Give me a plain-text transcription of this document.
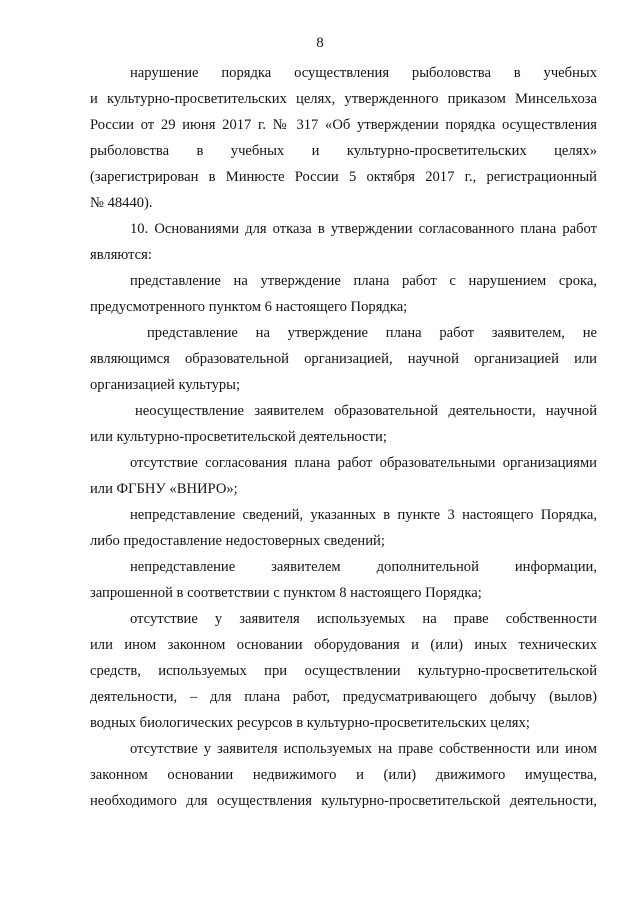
8
нарушение порядка осуществления рыболовства в учебных
и культурно-просветительских целях, утвержденного приказом Минсельхоза
России от 29 июня 2017 г. № 317 «Об утверждении порядка осуществления
рыболовства в учебных и культурно-просветительских целях»
(зарегистрирован в Минюсте России 5 октября 2017 г., регистрационный
№ 48440).
10. Основаниями для отказа в утверждении согласованного плана работ
являются:
представление на утверждение плана работ с нарушением срока,
предусмотренного пунктом 6 настоящего Порядка;
представление на утверждение плана работ заявителем, не
являющимся образовательной организацией, научной организацией или
организацией культуры;
неосуществление заявителем образовательной деятельности, научной
или культурно-просветительской деятельности;
отсутствие согласования плана работ образовательными организациями
или ФГБНУ «ВНИРО»;
непредставление сведений, указанных в пункте 3 настоящего Порядка,
либо предоставление недостоверных сведений;
непредставление заявителем дополнительной информации,
запрошенной в соответствии с пунктом 8 настоящего Порядка;
отсутствие у заявителя используемых на праве собственности
или ином законном основании оборудования и (или) иных технических
средств, используемых при осуществлении культурно-просветительской
деятельности, – для плана работ, предусматривающего добычу (вылов)
водных биологических ресурсов в культурно-просветительских целях;
отсутствие у заявителя используемых на праве собственности или ином
законном основании недвижимого и (или) движимого имущества,
необходимого для осуществления культурно-просветительской деятельности,
